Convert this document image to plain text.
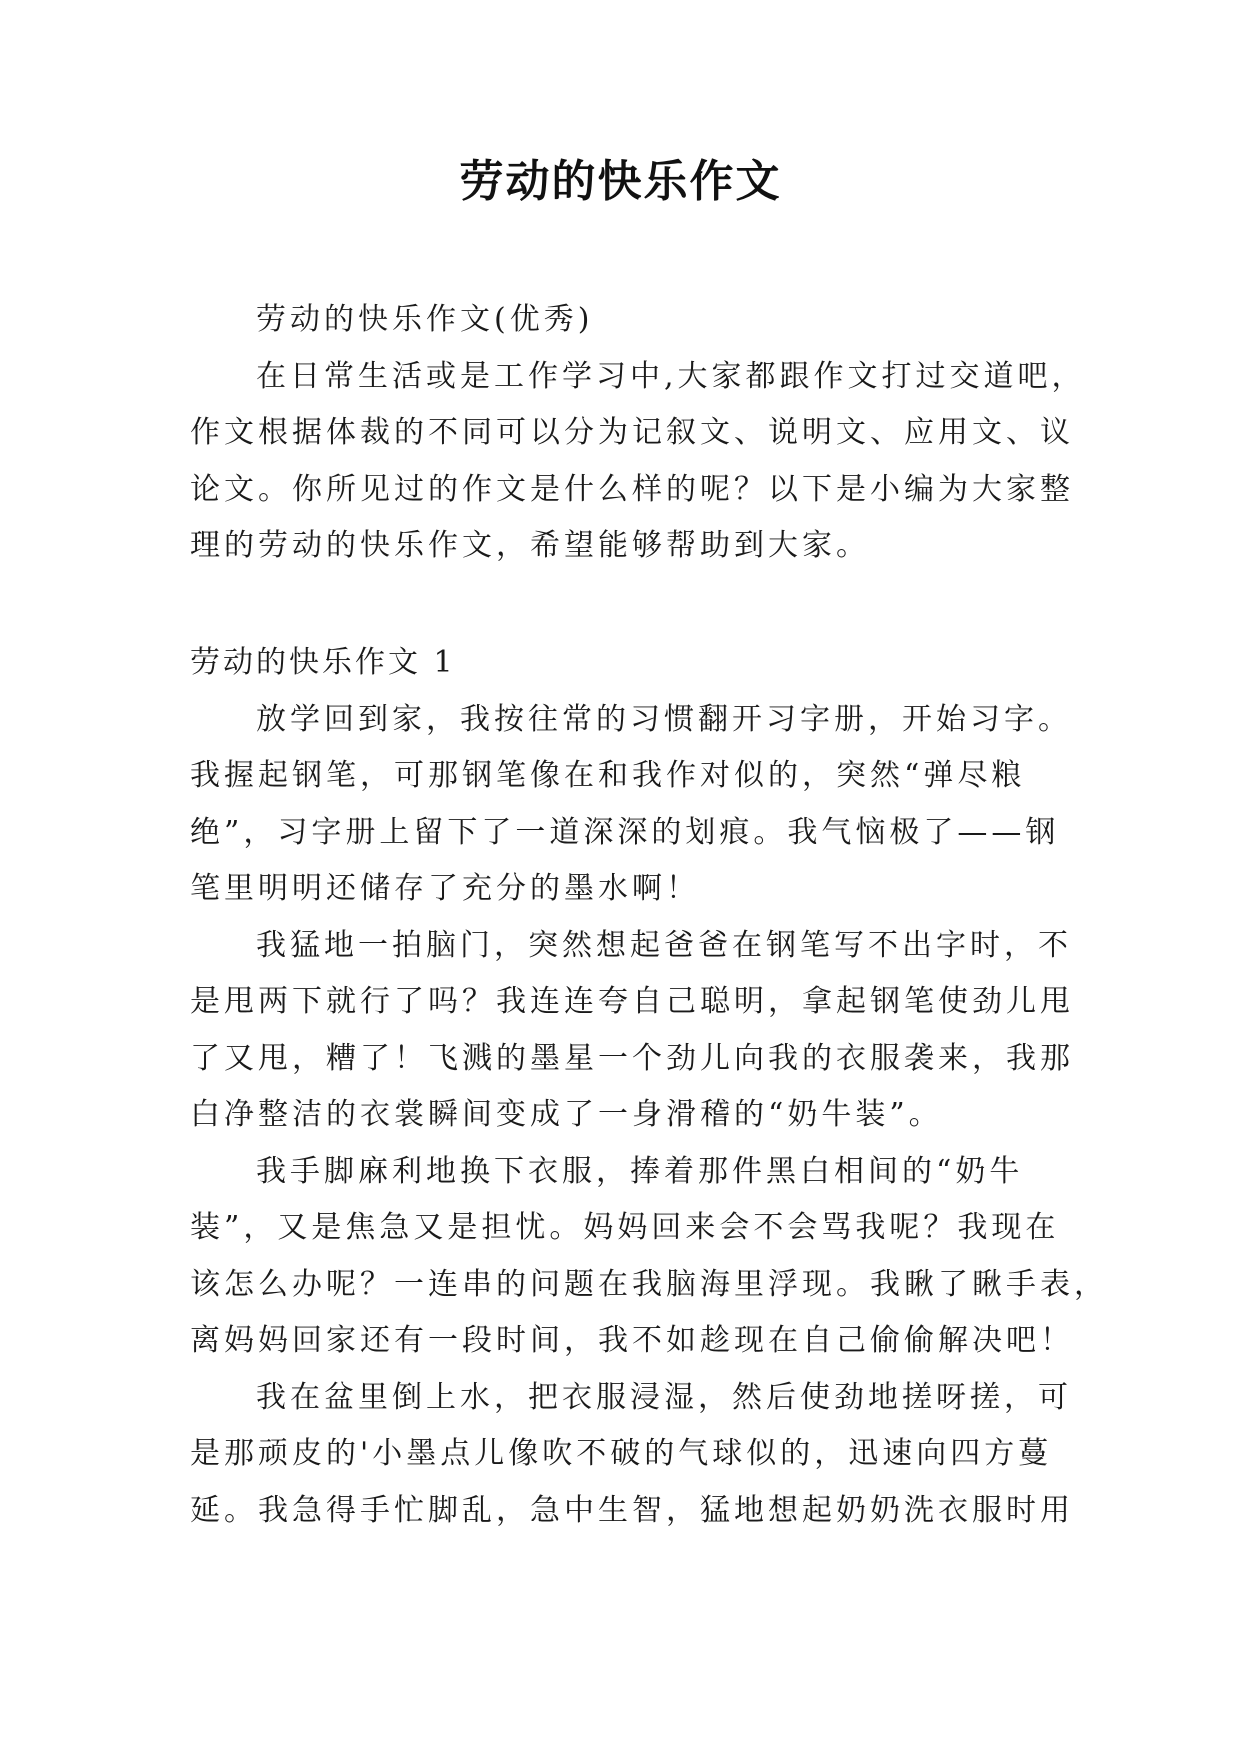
劳动的快乐作文
劳动的快乐作文(优秀)
在日常生活或是工作学习中,大家都跟作文打过交道吧，
作文根据体裁的不同可以分为记叙文、说明文、应用文、议
论文。你所见过的作文是什么样的呢？以下是小编为大家整
理的劳动的快乐作文，希望能够帮助到大家。
劳动的快乐作文 1
放学回到家，我按往常的习惯翻开习字册，开始习字。
我握起钢笔，可那钢笔像在和我作对似的，突然“弹尽粮
绝”，习字册上留下了一道深深的划痕。我气恼极了——钢
笔里明明还储存了充分的墨水啊！
我猛地一拍脑门，突然想起爸爸在钢笔写不出字时，不
是甩两下就行了吗？我连连夸自己聪明，拿起钢笔使劲儿甩
了又甩，糟了！飞溅的墨星一个劲儿向我的衣服袭来，我那
白净整洁的衣裳瞬间变成了一身滑稽的“奶牛装”。
我手脚麻利地换下衣服，捧着那件黑白相间的“奶牛
装”，又是焦急又是担忧。妈妈回来会不会骂我呢？我现在
该怎么办呢？一连串的问题在我脑海里浮现。我瞅了瞅手表，
离妈妈回家还有一段时间，我不如趁现在自己偷偷解决吧！
我在盆里倒上水，把衣服浸湿，然后使劲地搓呀搓，可
是那顽皮的'小墨点儿像吹不破的气球似的，迅速向四方蔓
延。我急得手忙脚乱，急中生智，猛地想起奶奶洗衣服时用
